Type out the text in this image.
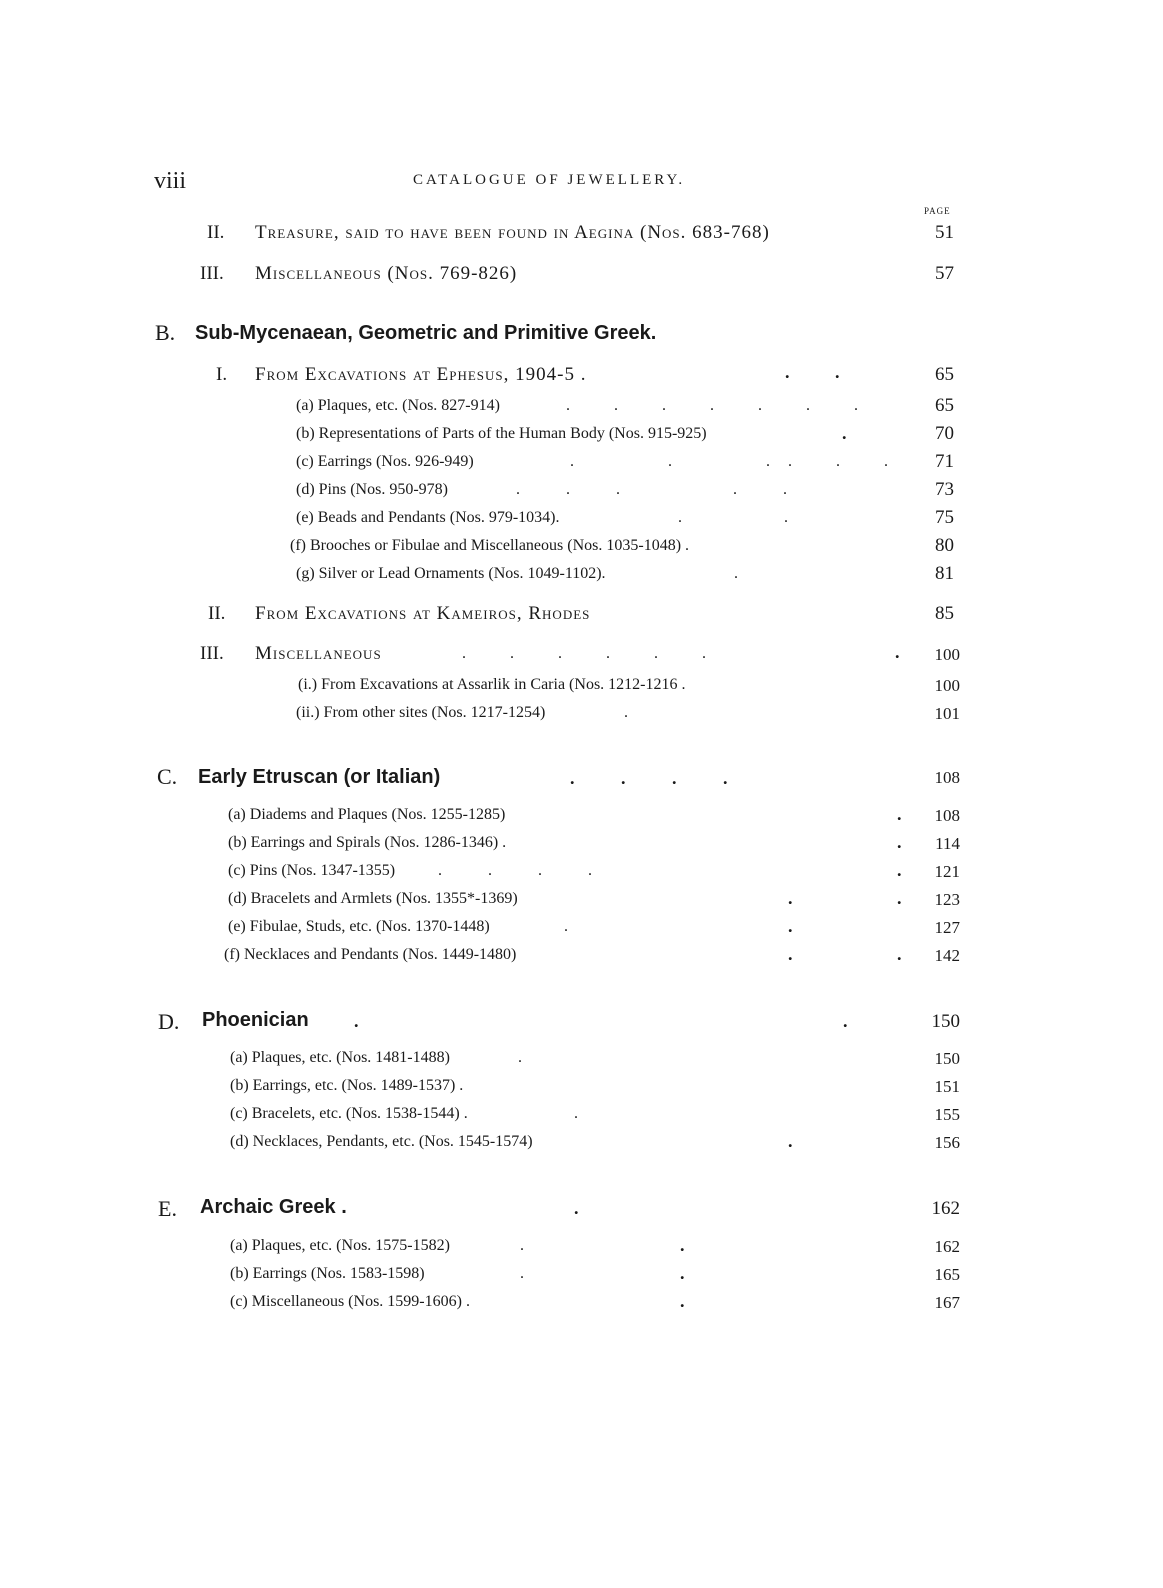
viii	CATALOGUE OF JEWELLERY.
PAGE
II. Treasure, said to have been found in Aegina (Nos. 683-768)	51
III. Miscellaneous (Nos. 769-826)	57
B. Sub-Mycenaean, Geometric and Primitive Greek.
I. From Excavations at Ephesus, 1904-5 .	.	.	65
(a) Plaques, etc. (Nos. 827-914)	. . . . . . .	65
(b) Representations of Parts of the Human Body (Nos. 915-925)	.	70
(c) Earrings (Nos. 926-949)	. . . . . .	71
(d) Pins (Nos. 950-978)	. . .	. .	73
(e) Beads and Pendants (Nos. 979-1034).	. .	75
(f) Brooches or Fibulae and Miscellaneous (Nos. 1035-1048) .	80
(g) Silver or Lead Ornaments (Nos. 1049-1102).	.	81
II. From Excavations at Kameiros, Rhodes	85
III. Miscellaneous	. . . . . .	.	100
(i.) From Excavations at Assarlik in Caria (Nos. 1212-1216 .	100
(ii.) From other sites (Nos. 1217-1254)	.	101
C. Early Etruscan (or Italian)	. . . .	108
(a) Diadems and Plaques (Nos. 1255-1285)	.	108
(b) Earrings and Spirals (Nos. 1286-1346) .	.	114
(c) Pins (Nos. 1347-1355)	. . . .	.	121
(d) Bracelets and Armlets (Nos. 1355*-1369)	.	.	123
(e) Fibulae, Studs, etc. (Nos. 1370-1448)	.	.	127
(f) Necklaces and Pendants (Nos. 1449-1480)	.	.	142
D. Phoenician	.	.	150
(a) Plaques, etc. (Nos. 1481-1488)	.	150
(b) Earrings, etc. (Nos. 1489-1537) .	151
(c) Bracelets, etc. (Nos. 1538-1544) .	.	155
(d) Necklaces, Pendants, etc. (Nos. 1545-1574)	.	156
E. Archaic Greek .	.	162
(a) Plaques, etc. (Nos. 1575-1582)	.	.	162
(b) Earrings (Nos. 1583-1598)	.	.	165
(c) Miscellaneous (Nos. 1599-1606) .	.	167
